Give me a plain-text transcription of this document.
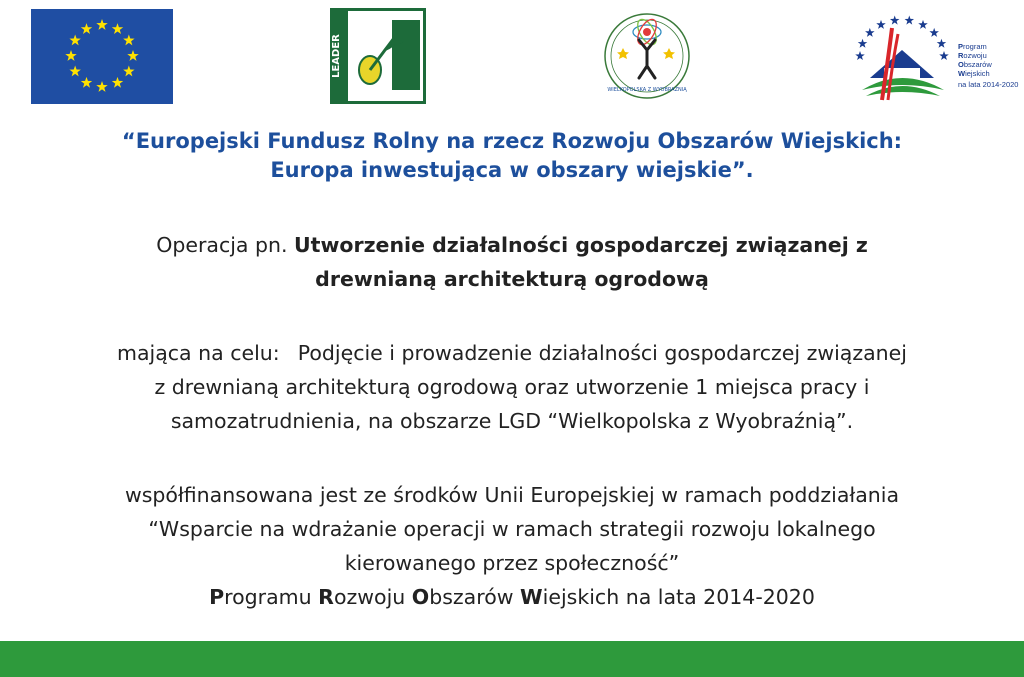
LEADER
WIELKOPOLSKA Z WYOBRAŹNIĄ
Program
Rozwoju
Obszarów
Wiejskich
na lata 2014-2020
“Europejski Fundusz Rolny na rzecz Rozwoju Obszarów Wiejskich:
Europa inwestująca w obszary wiejskie”.
Operacja pn. Utworzenie działalności gospodarczej związanej z
drewnianą architekturą ogrodową
mająca na celu: Podjęcie i prowadzenie działalności gospodarczej związanej
z drewnianą architekturą ogrodową oraz utworzenie 1 miejsca pracy i
samozatrudnienia, na obszarze LGD “Wielkopolska z Wyobraźnią”.
współfinansowana jest ze środków Unii Europejskiej w ramach poddziałania
“Wsparcie na wdrażanie operacji w ramach strategii rozwoju lokalnego
kierowanego przez społeczność”
Programu Rozwoju Obszarów Wiejskich na lata 2014-2020
